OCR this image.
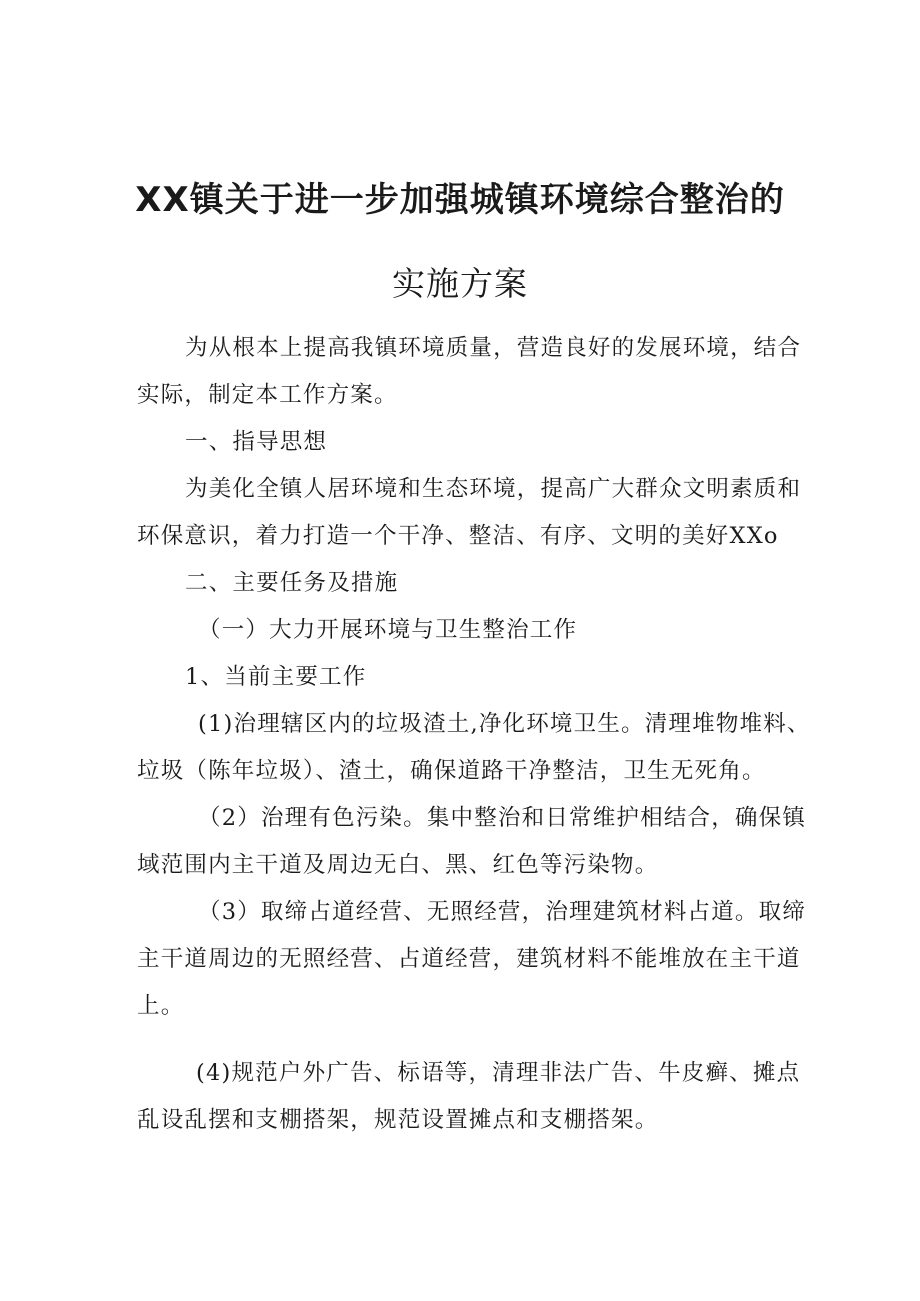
XX镇关于进一步加强城镇环境综合整治的
实施方案
为从根本上提高我镇环境质量，营造良好的发展环境，结合
实际，制定本工作方案。
一、指导思想
为美化全镇人居环境和生态环境，提高广大群众文明素质和
环保意识，着力打造一个干净、整洁、有序、文明的美好XXo
二、主要任务及措施
（一）大力开展环境与卫生整治工作
1、当前主要工作
(1)治理辖区内的垃圾渣土,净化环境卫生。清理堆物堆料、
垃圾（陈年垃圾）、渣土，确保道路干净整洁，卫生无死角。
（2）治理有色污染。集中整治和日常维护相结合，确保镇
域范围内主干道及周边无白、黑、红色等污染物。
（3）取缔占道经营、无照经营，治理建筑材料占道。取缔
主干道周边的无照经营、占道经营，建筑材料不能堆放在主干道
上。
(4)规范户外广告、标语等，清理非法广告、牛皮癣、摊点
乱设乱摆和支棚搭架，规范设置摊点和支棚搭架。
